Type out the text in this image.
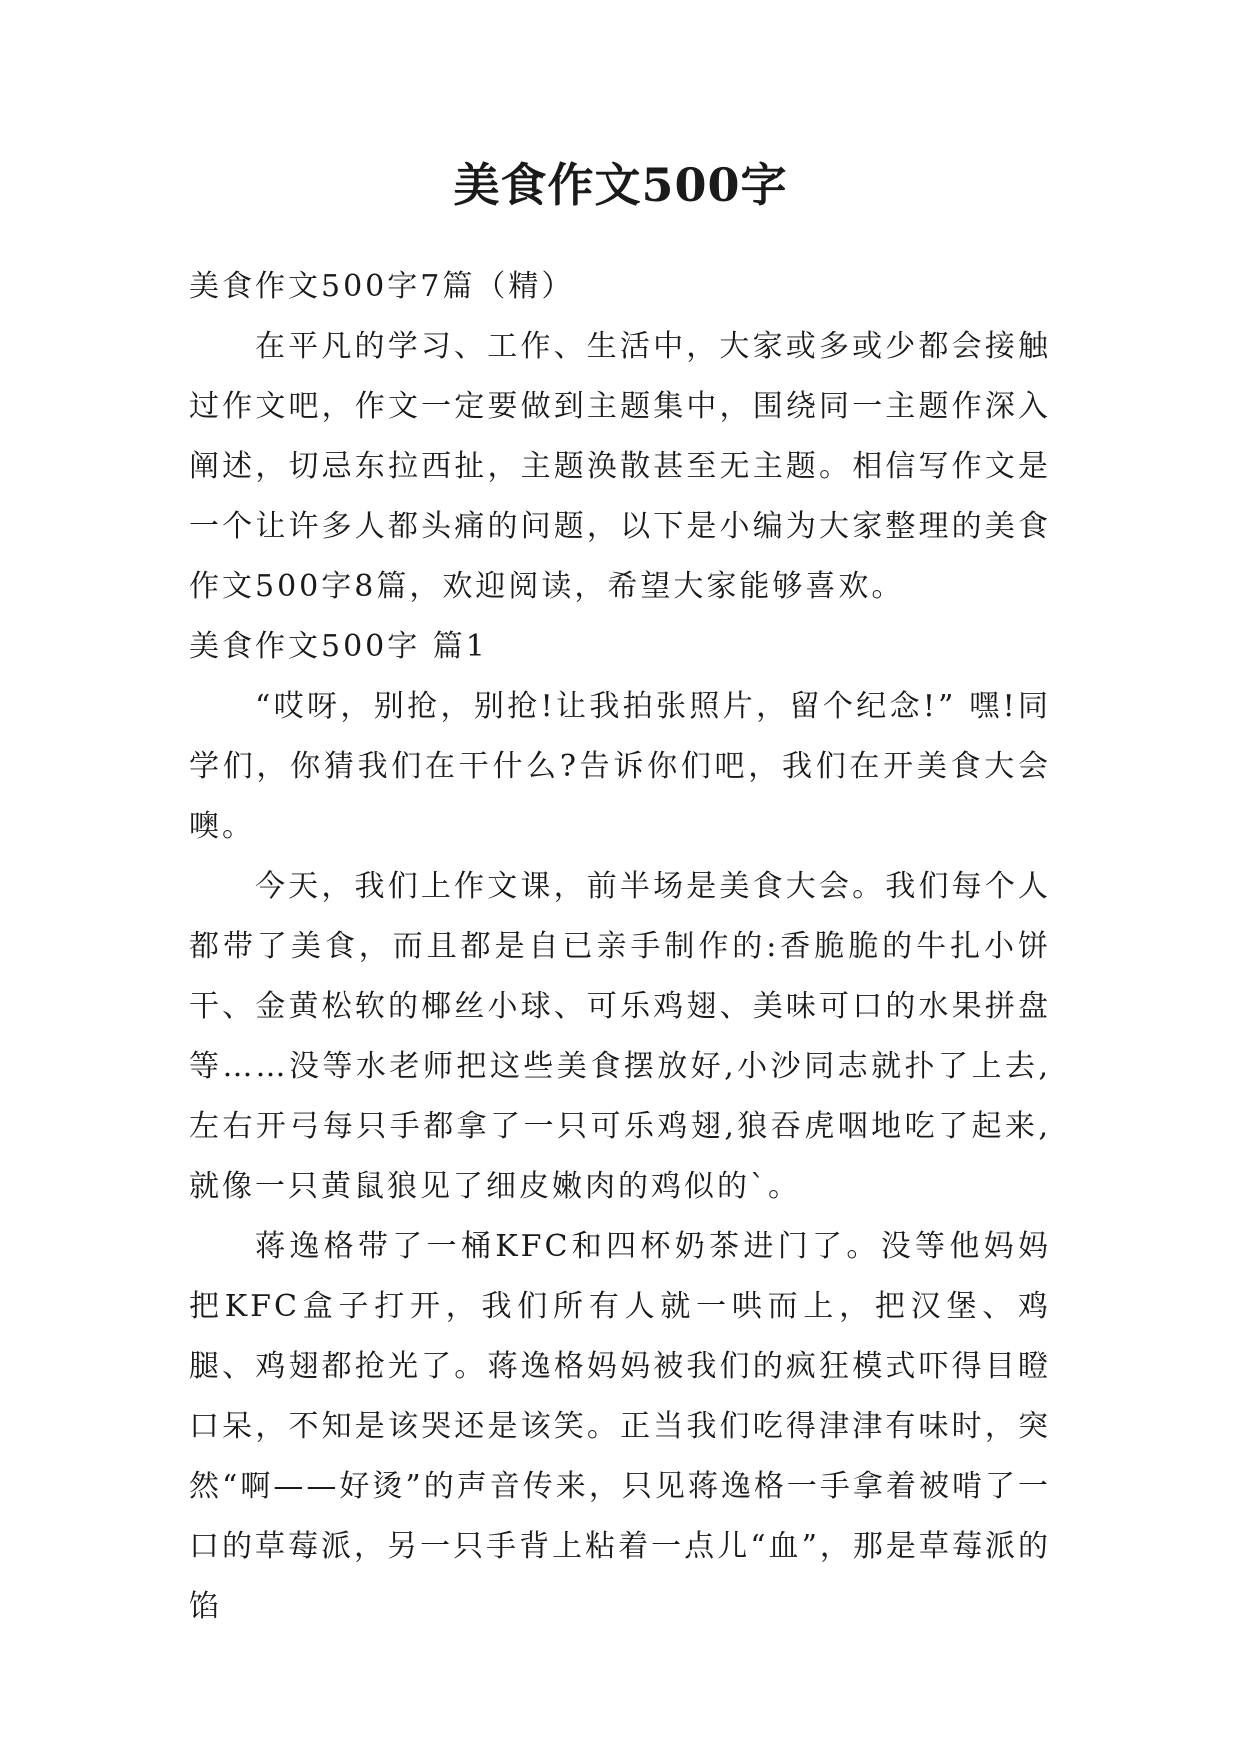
美食作文500字

美食作文500字7篇（精）

在平凡的学习、工作、生活中，大家或多或少都会接触过作文吧，作文一定要做到主题集中，围绕同一主题作深入阐述，切忌东拉西扯，主题涣散甚至无主题。相信写作文是一个让许多人都头痛的问题，以下是小编为大家整理的美食作文500字8篇，欢迎阅读，希望大家能够喜欢。

美食作文500字 篇1

“哎呀，别抢，别抢!让我拍张照片，留个纪念!” 嘿!同学们，你猜我们在干什么?告诉你们吧，我们在开美食大会噢。

今天，我们上作文课，前半场是美食大会。我们每个人都带了美食，而且都是自已亲手制作的:香脆脆的牛扎小饼干、金黄松软的椰丝小球、可乐鸡翅、美味可口的水果拼盘等……没等水老师把这些美食摆放好,小沙同志就扑了上去,左右开弓每只手都拿了一只可乐鸡翅,狼吞虎咽地吃了起来,就像一只黄鼠狼见了细皮嫩肉的鸡似的`。

蒋逸格带了一桶KFC和四杯奶茶进门了。没等他妈妈把KFC盒子打开，我们所有人就一哄而上，把汉堡、鸡腿、鸡翅都抢光了。蒋逸格妈妈被我们的疯狂模式吓得目瞪口呆，不知是该哭还是该笑。正当我们吃得津津有味时，突然“啊——好烫”的声音传来，只见蒋逸格一手拿着被啃了一口的草莓派，另一只手背上粘着一点儿“血”，那是草莓派的馅
